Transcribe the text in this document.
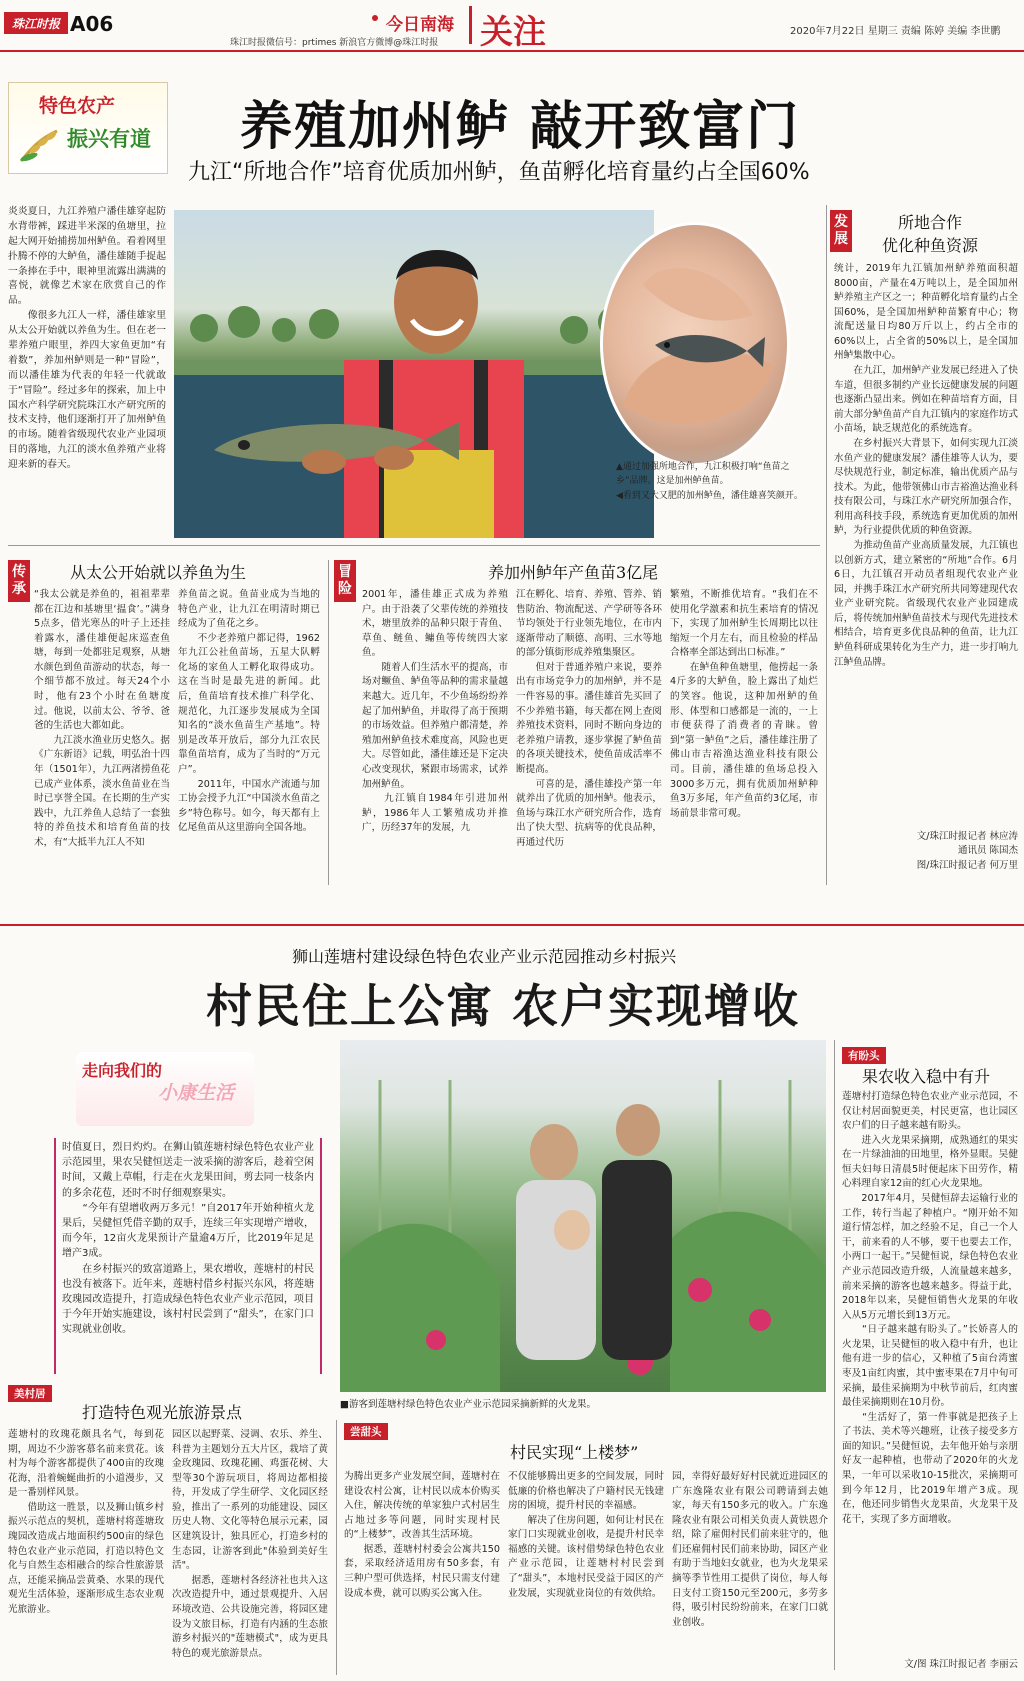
珠江时报 A06
珠江时报微信号：prtimes 新浪官方微博@珠江时报
今日南海 关注	2020年7月22日 星期三 责编 陈婷 美编 李世鹏
特色农产
振兴有道 养殖加州鲈 敲开致富门
九江“所地合作”培育优质加州鲈，鱼苗孵化培育量约占全国60%
炎炎夏日，九江养殖户潘佳雄穿起防水背带裤，踩进半米深的鱼塘里，拉起大网开始捕捞加州鲈鱼。看着网里扑腾不停的大鲈鱼，潘佳雄随手捉起一条捧在手中，眼神里流露出满满的喜悦，就像艺术家在欣赏自己的作品。
　　像很多九江人一样，潘佳雄家里从太公开始就以养鱼为生。但在老一辈养殖户眼里，养四大家鱼更加“有着数”，养加州鲈则是一种“冒险”，而以潘佳雄为代表的年轻一代就敢于“冒险”。经过多年的探索，加上中国水产科学研究院珠江水产研究所的技术支持，他们逐渐打开了加州鲈鱼的市场。随着省级现代农业产业园项目的落地，九江的淡水鱼养殖产业将迎来新的春天。	▲通过加强所地合作，九江积极打响“鱼苗之乡”品牌。这是加州鲈鱼苗。
◀看到又大又肥的加州鲈鱼，潘佳雄喜笑颜开。
发展
所地合作
优化种鱼资源
统计，2019年九江镇加州鲈养殖面积超8000亩，产量在4万吨以上，是全国加州鲈养殖主产区之一；种苗孵化培育量约占全国60%，是全国加州鲈种苗繁育中心；物流配送量日均80万斤以上，约占全市的60%以上，占全省的50%以上，是全国加州鲈集散中心。
　　在九江，加州鲈产业发展已经进入了快车道，但很多制约产业长远健康发展的问题也逐渐凸显出来。例如在种苗培育方面，目前大部分鲈鱼苗产自九江镇内的家庭作坊式小苗场，缺乏规范化的系统选育。
　　在乡村振兴大背景下，如何实现九江淡水鱼产业的健康发展？潘佳雄等人认为，要尽快规范行业，制定标准，输出优质产品与技术。为此，他带领佛山市吉裕渔达渔业科技有限公司，与珠江水产研究所加强合作，利用高科技手段，系统选育更加优质的加州鲈，为行业提供优质的种鱼资源。
　　为推动鱼苗产业高质量发展，九江镇也以创新方式，建立紧密的“所地”合作。6月6日，九江镇召开动员者组现代农业产业园，并携手珠江水产研究所共同筹建现代农业产业研究院。省级现代农业产业园建成后，将传统加州鲈鱼苗技术与现代先进技术相结合，培育更多优良品种的鱼苗，让九江鲈鱼科研成果转化为生产力，进一步打响九江鲈鱼品牌。
文/珠江时报记者 林应涛
通讯员 陈国杰
图/珠江时报记者 何万里
传承
从太公开始就以养鱼为生
“我太公就是养鱼的，祖祖辈辈都在江边和基塘里‘揾食’。”满身5点多，借光寒丛的叶子上还挂着露水，潘佳雄便起床巡查鱼塘，每到一处都驻足观察，从塘水颜色到鱼苗游动的状态，每一个细节都不放过。每天24个小时，他有23个小时在鱼塘度过。他说，以前太公、爷爷、爸爸的生活也大都如此。
　　九江淡水渔业历史悠久。据《广东新语》记载，明弘治十四年（1501年），九江两渚捞鱼花已成产业体系，淡水鱼苗业在当时已享誉全国。在长期的生产实践中，九江养鱼人总结了一套独特的养鱼技术和培育鱼苗的技术，有“大抵半九江人不知
养鱼苗之说。鱼苗业成为当地的特色产业，让九江在明清时期已经成为了鱼花之乡。
　　不少老养殖户都记得，1962年九江公社鱼苗场，五星大队孵化场的家鱼人工孵化取得成功。这在当时是最先进的新闻。此后，鱼苗培育技术推广科学化、规范化，九江逐步发展成为全国知名的“淡水鱼苗生产基地”。特别是改革开放后，部分九江农民靠鱼苗培育，成为了当时的“万元户”。
　　2011年，中国水产流通与加工协会授予九江“中国淡水鱼苗之乡”特色称号。如今，每天都有上亿尾鱼苗从这里游向全国各地。
冒险
养加州鲈年产鱼苗3亿尾
2001年，潘佳雄正式成为养殖户。由于沿袭了父辈传统的养殖技术，塘里放养的品种只限于青鱼、草鱼、鲢鱼、鳙鱼等传统四大家鱼。
　　随着人们生活水平的提高，市场对鳜鱼、鲈鱼等品种的需求量越来越大。近几年，不少鱼场纷纷养起了加州鲈鱼，并取得了高于预期的市场效益。但养殖户都清楚，养殖加州鲈鱼技术难度高，风险也更大。尽管如此，潘佳雄还是下定决心改变现状，紧跟市场需求，试养加州鲈鱼。
　　九江镇自1984年引进加州鲈，1986年人工繁殖成功并推广，历经37年的发展，九
江在孵化、培育、养殖、管养、销售防治、物流配送、产学研等各环节均领处于行业领先地位，在市内逐渐带动了顺德、高明、三水等地的部分镇街形成养殖集聚区。
　　但对于普通养殖户来说，要养出有市场竞争力的加州鲈，并不是一件容易的事。潘佳雄首先买回了不少养殖书籍，每天都在网上查阅养殖技术资料，同时不断向身边的老养殖户请教，逐步掌握了鲈鱼苗的各项关键技术，使鱼苗成活率不断提高。
　　可喜的是，潘佳雄投产第一年就养出了优质的加州鲈。他表示，鱼场与珠江水产研究所合作，选育出了快大型、抗病等的优良品种，再通过代历
繁殖，不断推优培育。“我们在不使用化学激素和抗生素培育的情况下，实现了加州鲈生长周期比以往缩短一个月左右，而且检验的样品合格率全部达到出口标准。”
　　在鲈鱼种鱼塘里，他捞起一条4斤多的大鲈鱼，脸上露出了灿烂的笑容。他说，这种加州鲈的鱼形、体型和口感都是一流的，一上市便获得了消费者的青睐。曾到“第一鲈鱼”之后，潘佳雄注册了佛山市吉裕渔达渔业科技有限公司。目前，潘佳雄的鱼场总投入3000多万元，拥有优质加州鲈种鱼3万多尾，年产鱼苗约3亿尾，市场前景非常可观。
狮山莲塘村建设绿色特色农业产业示范园推动乡村振兴
村民住上公寓 农户实现增收
走向我们的
小康生活
时值夏日，烈日灼灼。在狮山镇莲塘村绿色特色农业产业示范园里，果农吴健恒送走一波采摘的游客后，趁着空闲时间，又戴上草帽，行走在火龙果田间，剪去同一枝条内的多余花苞，还时不时仔细观察果实。
　　“今年有望增收两万多元！”自2017年开始种植火龙果后，吴健恒凭借辛勤的双手，连续三年实现增产增收，而今年，12亩火龙果预计产量逾4万斤，比2019年足足增产3成。
　　在乡村振兴的致富道路上，果农增收，莲塘村的村民也没有被落下。近年来，莲塘村借乡村振兴东风，将莲塘玫瑰园改造提升，打造成绿色特色农业产业示范园，项目于今年开始实施建设，该村村民尝到了“甜头”，在家门口实现就业创收。
■游客到莲塘村绿色特色农业产业示范园采摘新鲜的火龙果。
有盼头
果农收入稳中有升
莲塘村打造绿色特色农业产业示范园，不仅让村居面貌更美，村民更富，也让园区农户们的日子越来越有盼头。
　　进入火龙果采摘期，成熟通红的果实在一片绿油油的田地里，格外显眼。吴健恒夫妇每日清晨5时便起床下田劳作，精心料理自家12亩的红心火龙果地。
　　2017年4月，吴健恒辞去运输行业的工作，转行当起了种植户。“刚开始不知道行情怎样，加之经验不足，自己一个人干，前来看的人不够，要干也要去工作，小两口一起干。”吴健恒说，绿色特色农业产业示范园改造升级，人流量越来越多，前来采摘的游客也越来越多。得益于此，2018年以来，吴健恒销售火龙果的年收入从5万元增长到13万元。
　　“日子越来越有盼头了。”长娇喜人的火龙果，让吴健恒的收入稳中有升，也让他有进一步的信心，又种植了5亩台湾蜜枣及1亩红肉蜜，其中蜜枣果在7月中旬可采摘，最佳采摘期为中秋节前后，红肉蜜最佳采摘期则在10月份。
　　“生活好了，第一件事就是把孩子上了书法、美术等兴趣班，让孩子接受多方面的知识。”吴健恒说，去年他开始与亲朋好友一起种植，也带动了2020年的火龙果，一年可以采收10-15批次，采摘期可到今年12月，比2019年增产3成。现在，他还同步销售火龙果苗，火龙果干及花干，实现了多方面增收。
文/图 珠江时报记者 李丽云
美村居
打造特色观光旅游景点
莲塘村的玫瑰花颇具名气，每到花期，周边不少游客慕名前来赏花。该村为每个游客都提供了400亩的玫瑰花海，沿着蜿蜒曲折的小道漫步，又是一番别样风景。
　　借助这一胜景，以及狮山镇乡村振兴示范点的契机，莲塘村将莲塘玫瑰园改造成占地面积约500亩的绿色特色农业产业示范园，打造以特色文化与自然生态相融合的综合性旅游景点，还能采摘品尝黄桑、水果的现代观光生活体验，逐渐形成生态农业观光旅游业。
园区以起野菜、浸调、农乐、养生、科普为主题划分五大片区，栽培了黄金玫瑰园、玫瑰花圃、鸡蛋花树、大型等30个游玩项目，将周边都相接待，开发成了学生研学、文化园区经验，推出了一系列的功能建设、园区历史人物、文化等特色展示元素，园区建筑设计，独具匠心，打造乡村的生态园，让游客到此"体验到美好生活"。
　　据悉，莲塘村各经济社也共入这次改造提升中，通过景观提升、入居环境改造、公共设施完善，将园区建设为文旅目标，打造有内涵的生态旅游乡村振兴的"莲塘模式"，成为更具特色的观光旅游景点。
尝甜头
村民实现“上楼梦”
为腾出更多产业发展空间，莲塘村在建设农村公寓，让村民以成本价购买入住，解决传统的单家独户式村居生占地过多等问题，同时实现村民的“上楼梦”，改善其生活环境。
　　据悉，莲塘村村委会公寓共150套，采取经济适用房有50多套，有三种户型可供选择，村民只需支付建设成本费，就可以购买公寓入住。
不仅能够腾出更多的空间发展，同时低廉的价格也解决了户籍村民无钱建房的困境，提升村民的幸福感。
　　解决了住房问题，如何让村民在家门口实现就业创收，是提升村民幸福感的关键。该村借势绿色特色农业产业示范园，让莲塘村村民尝到了“甜头”，本地村民受益于园区的产业发展，实现就业岗位的有效供给。
园，幸得好最好好村民就近进园区的广东逸隆农业有限公司聘请到去她家，每天有150多元的收入。广东逸隆农业有限公司相关负责人黄铁恩介绍，除了雇佣村民们前来驻守的，他们还雇佣村民们前来协助，园区产业有助于当地妇女就业，也为火龙果采摘等季节性用工提供了岗位，每人每日支付工资150元至200元，多劳多得，吸引村民纷纷前来，在家门口就业创收。
